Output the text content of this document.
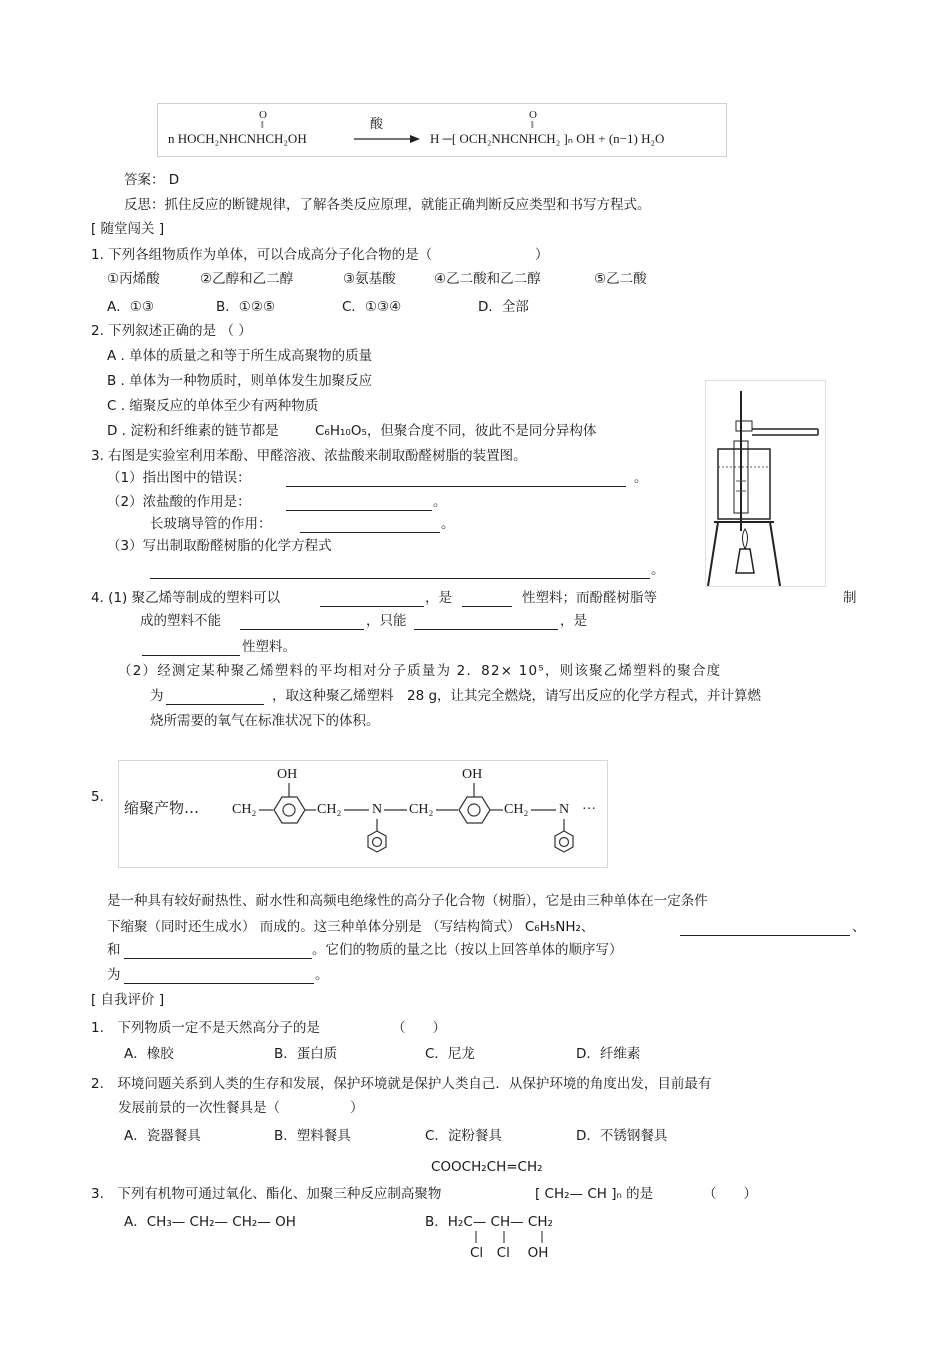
O
‖
n HOCH₂NHCNHCH₂OH
酸
O
‖
H ─[ OCH₂NHCNHCH₂ ]ₙ OH + (n−1) H₂O
答案： D
反思：抓住反应的断键规律，了解各类反应原理，就能正确判断反应类型和书写方程式。
[ 随堂闯关 ]
1. 下列各组物质作为单体，可以合成高分子化合物的是（	）
①丙烯酸	②乙醇和乙二醇	③氨基酸	④乙二酸和乙二醇	⑤乙二酸
A．①③	B．①②⑤	C．①③④	D．全部
2. 下列叙述正确的是 （ ）
A . 单体的质量之和等于所生成高聚物的质量
B . 单体为一种物质时，则单体发生加聚反应
C . 缩聚反应的单体至少有两种物质
D . 淀粉和纤维素的链节都是	C₆H₁₀O₅，但聚合度不同，彼此不是同分异构体
3. 右图是实验室利用苯酚、甲醛溶液、浓盐酸来制取酚醛树脂的装置图。
（1）指出图中的错误：	。
（2）浓盐酸的作用是：	。
长玻璃导管的作用：	。
（3）写出制取酚醛树脂的化学方程式
。
4. (1) 聚乙烯等制成的塑料可以	，是	性塑料；而酚醛树脂等	制
成的塑料不能	，只能	，是
性塑料。
（2）经测定某种聚乙烯塑料的平均相对分子质量为 2．82× 10⁵，则该聚乙烯塑料的聚合度
为	，取这种聚乙烯塑料　28 g，让其完全燃烧，请写出反应的化学方程式，并计算燃
烧所需要的氧气在标准状况下的体积。
5.
缩聚产物… CH₂
OH
CH₂ N CH₂
OH
CH₂ N ···
是一种具有较好耐热性、耐水性和高频电绝缘性的高分子化合物（树脂），它是由三种单体在一定条件
下缩聚（同时还生成水） 而成的。这三种单体分别是 （写结构简式） C₆H₅NH₂、	、
和	。它们的物质的量之比（按以上回答单体的顺序写）
为	。
[ 自我评价 ]
1.　下列物质一定不是天然高分子的是	（　　）
A．橡胶	B．蛋白质	C．尼龙	D．纤维素
2.　环境问题关系到人类的生存和发展，保护环境就是保护人类自己．从保护环境的角度出发，目前最有
发展前景的一次性餐具是（	）
A．瓷器餐具	B．塑料餐具	C．淀粉餐具	D．不锈钢餐具
COOCH₂CH=CH₂
3.　下列有机物可通过氧化、酯化、加聚三种反应制高聚物	[ CH₂— CH ]ₙ 的是	（　　）
A．CH₃— CH₂— CH₂— OH	B．H₂C— CH— CH₂
Cl　Cl　 OH
